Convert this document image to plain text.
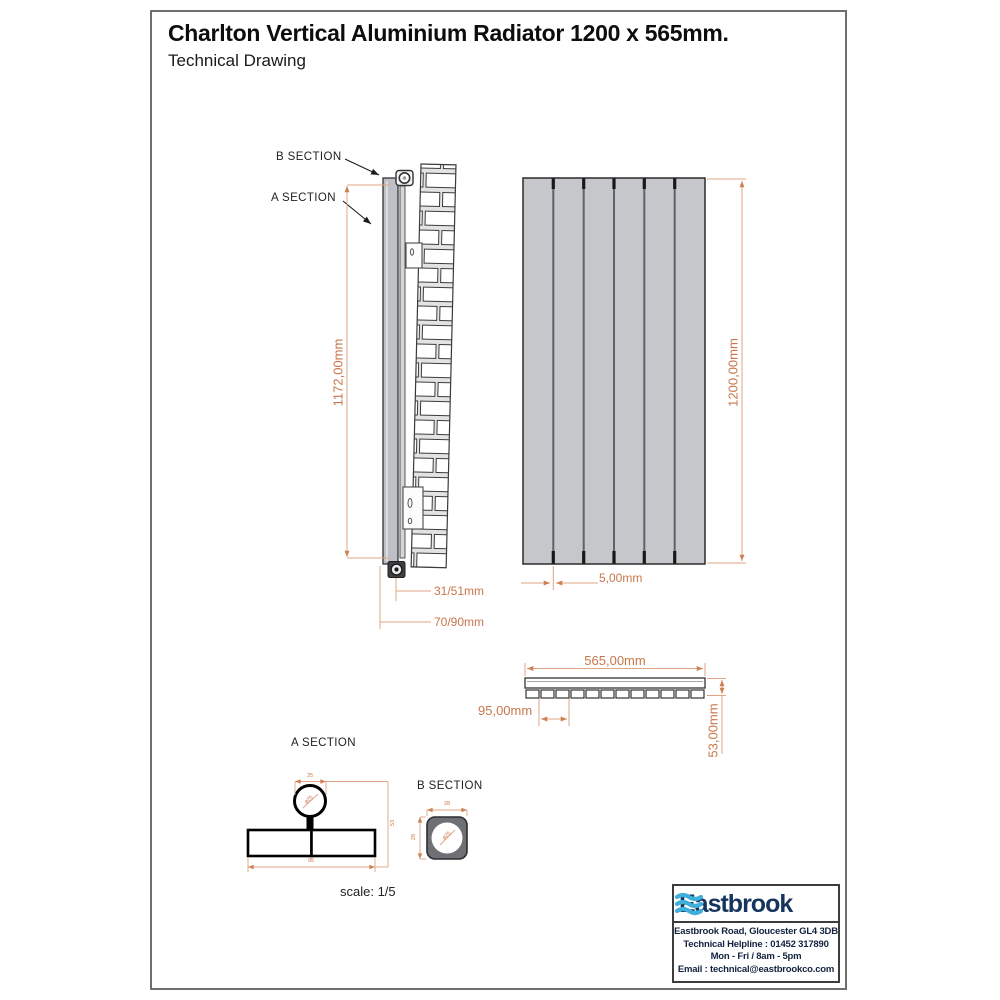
Charlton Vertical Aluminium Radiator 1200 x 565mm.
Technical Drawing
B SECTION
A SECTION
1172,00mm
31/51mm
70/90mm
1200,00mm
5,00mm
565,00mm
95,00mm	53,00mm
A SECTION
B SECTION
25
ø25
53
95
28
28	ø25
scale: 1/5	Eastbrook
Eastbrook Road, Gloucester GL4 3DB
Technical Helpline : 01452 317890
Mon - Fri / 8am - 5pm
Email : technical@eastbrookco.com
